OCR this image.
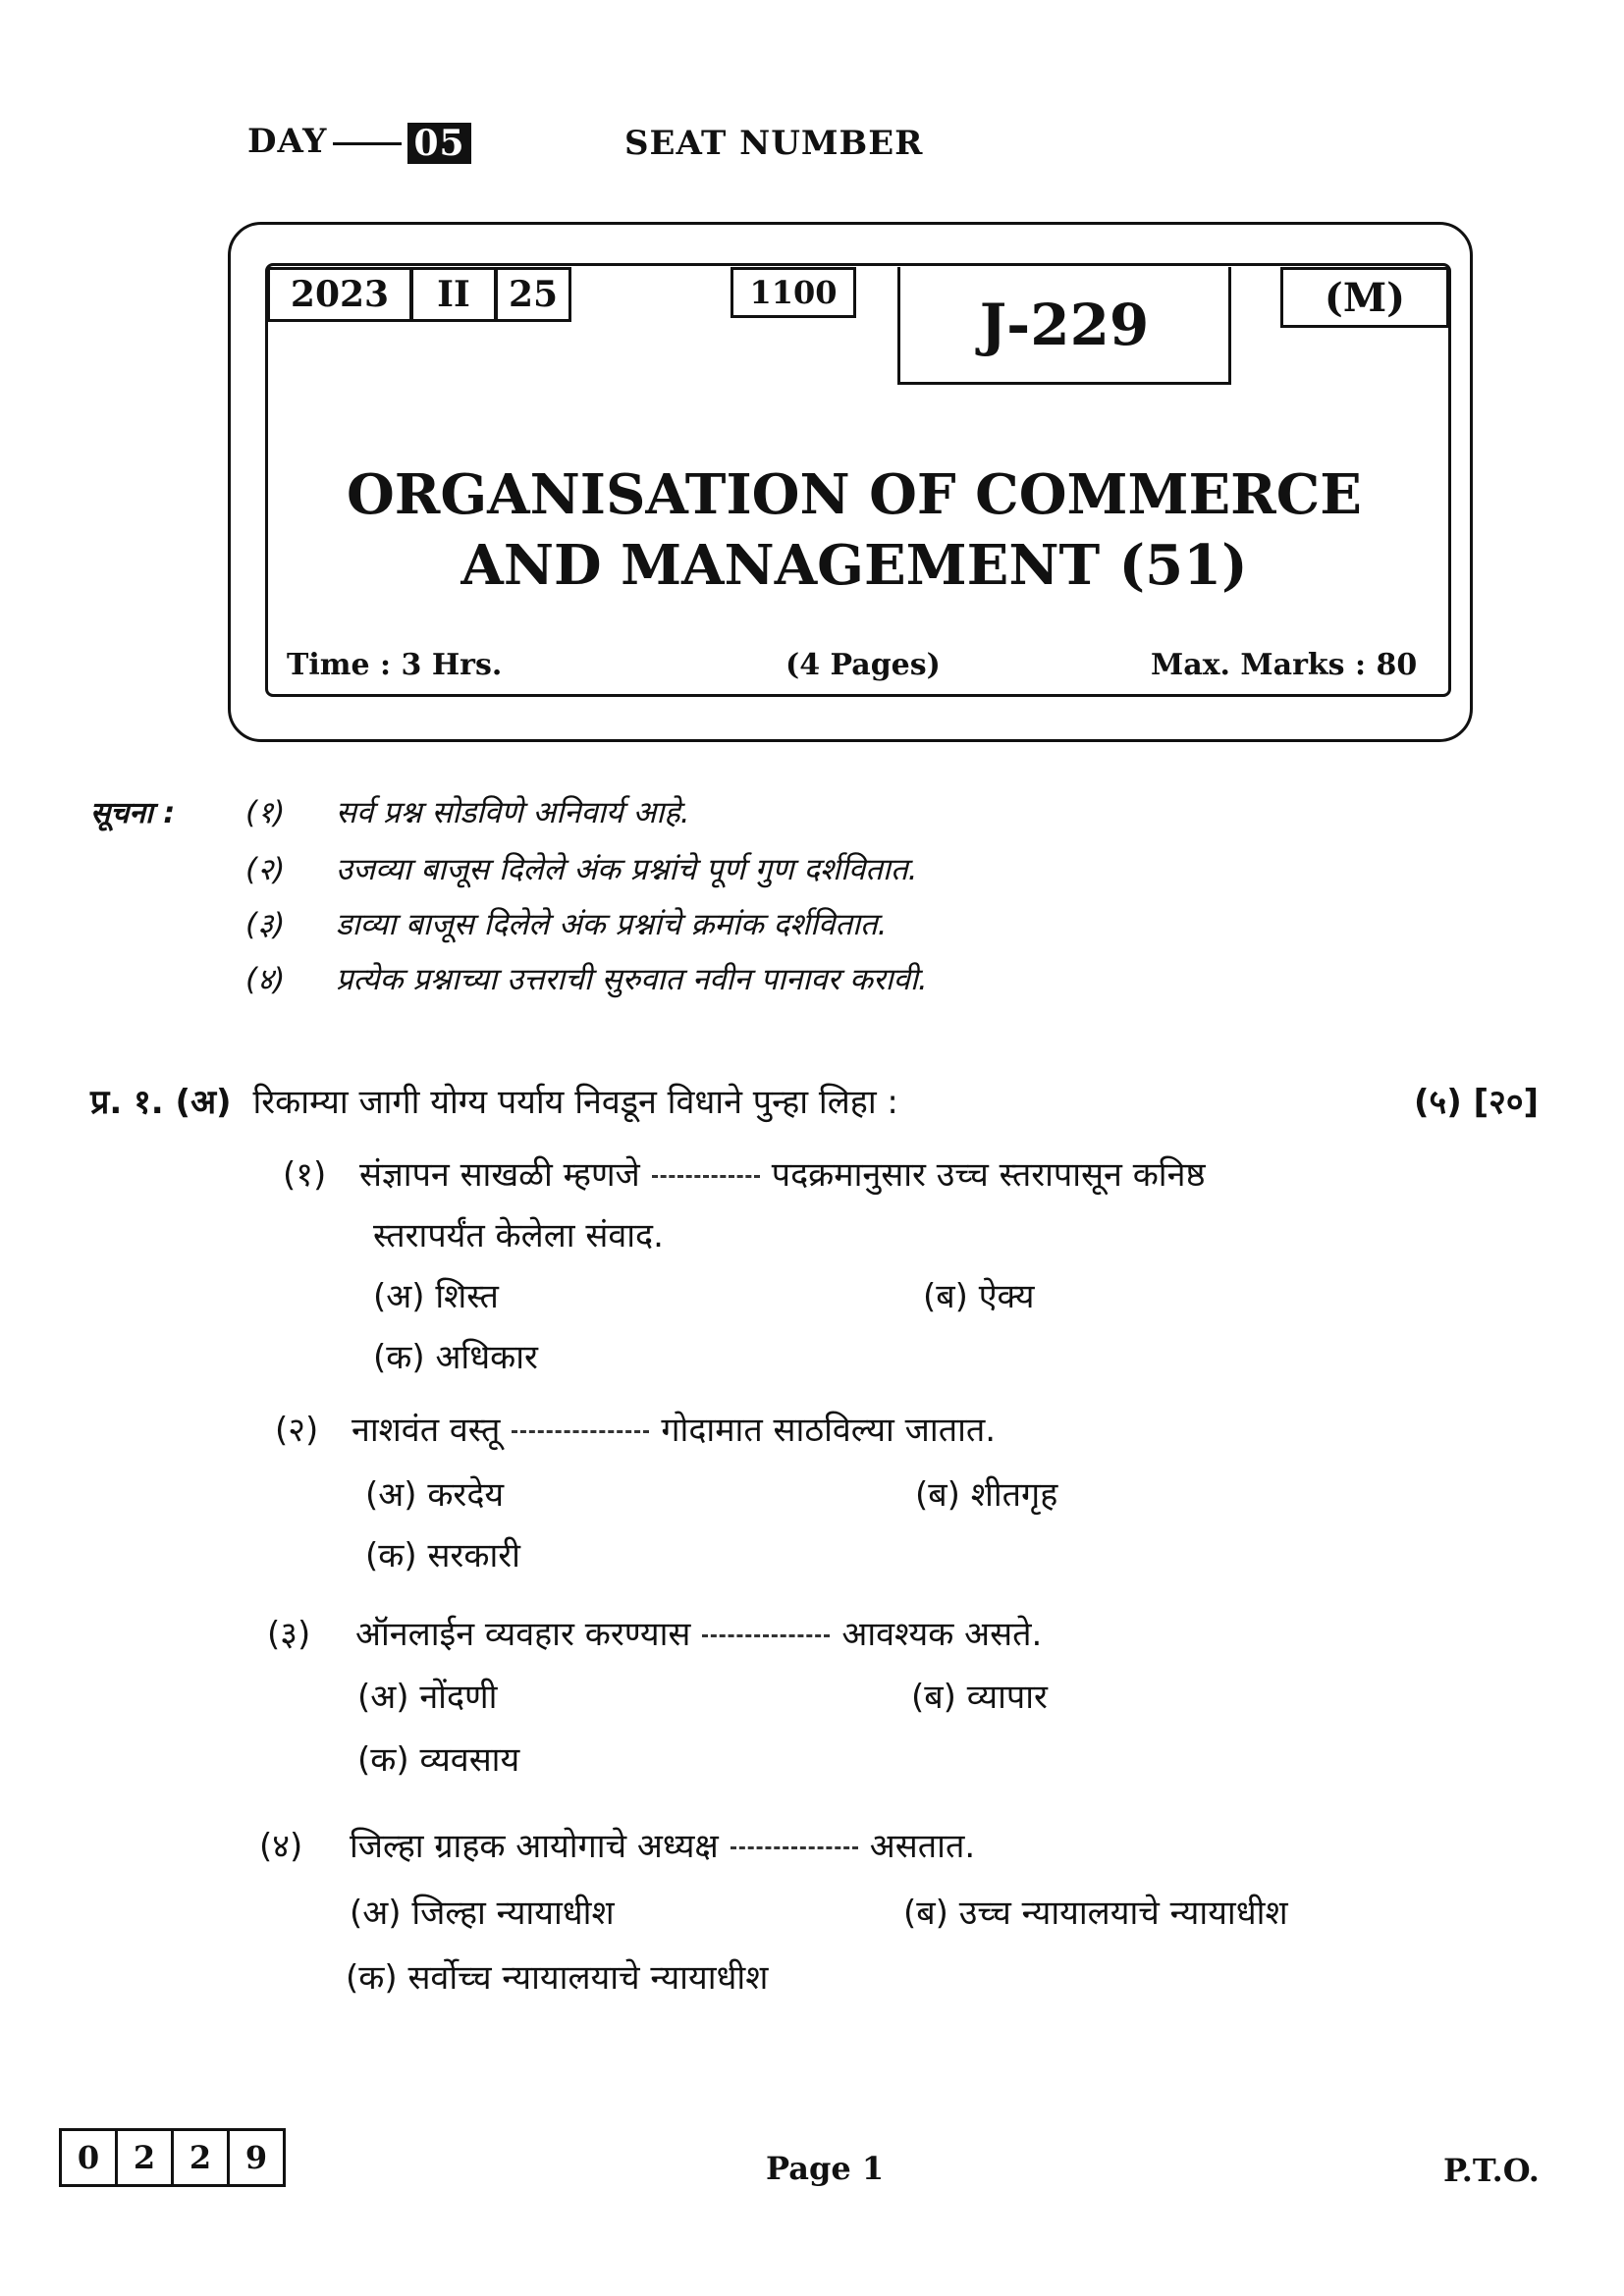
DAY 05	SEAT NUMBER
2023	II	25	1100	J-229	(M)
ORGANISATION OF COMMERCE
AND MANAGEMENT (51)
Time : 3 Hrs.	(4 Pages)	Max. Marks : 80
सूचना : (१) सर्व प्रश्न सोडविणे अनिवार्य आहे.
(२) उजव्या बाजूस दिलेले अंक प्रश्नांचे पूर्ण गुण दर्शवितात.
(३) डाव्या बाजूस दिलेले अंक प्रश्नांचे क्रमांक दर्शवितात.
(४) प्रत्येक प्रश्नाच्या उत्तराची सुरुवात नवीन पानावर करावी.
प्र. १. (अ) रिकाम्या जागी योग्य पर्याय निवडून विधाने पुन्हा लिहा :	(५) [२०]
(१) संज्ञापन साखळी म्हणजे	पदक्रमानुसार उच्च स्तरापासून कनिष्ठ
स्तरापर्यंत केलेला संवाद.
(अ) शिस्त	(ब) ऐक्य
(क) अधिकार
(२) नाशवंत वस्तू	गोदामात साठविल्या जातात.
(अ) करदेय	(ब) शीतगृह
(क) सरकारी
(३) ऑनलाईन व्यवहार करण्यास	आवश्यक असते.
(अ) नोंदणी	(ब) व्यापार
(क) व्यवसाय
(४) जिल्हा ग्राहक आयोगाचे अध्यक्ष	असतात.
(अ) जिल्हा न्यायाधीश	(ब) उच्च न्यायालयाचे न्यायाधीश
(क) सर्वोच्च न्यायालयाचे न्यायाधीश
0	2	2	9	Page 1	P.T.O.
